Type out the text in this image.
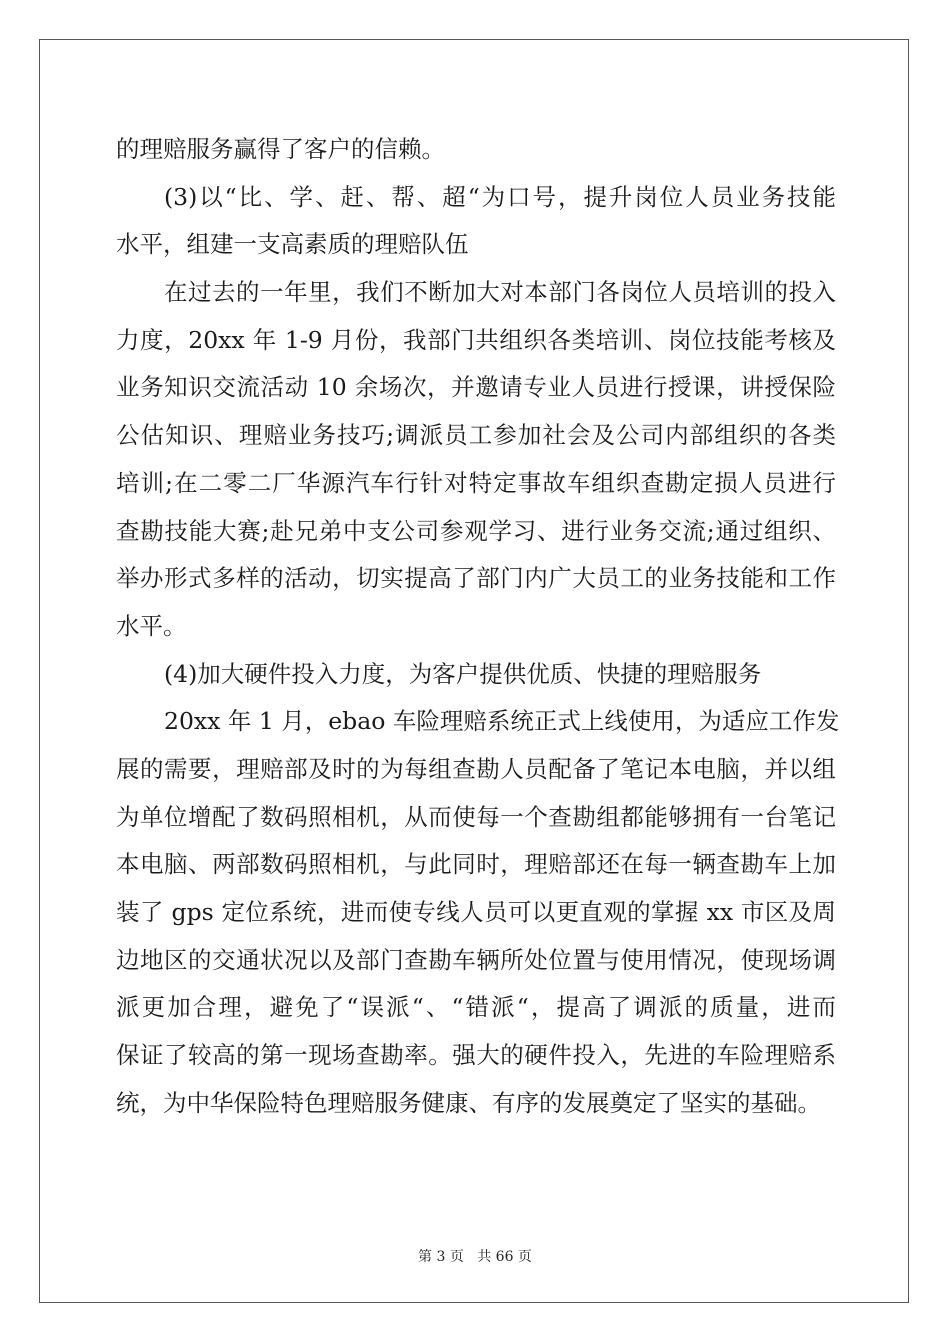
的理赔服务赢得了客户的信赖。
(3)以“比、学、赶、帮、超“为口号，提升岗位人员业务技能
水平，组建一支高素质的理赔队伍
在过去的一年里，我们不断加大对本部门各岗位人员培训的投入
力度，20xx 年 1-9 月份，我部门共组织各类培训、岗位技能考核及
业务知识交流活动 10 余场次，并邀请专业人员进行授课，讲授保险
公估知识、理赔业务技巧;调派员工参加社会及公司内部组织的各类
培训;在二零二厂华源汽车行针对特定事故车组织查勘定损人员进行
查勘技能大赛;赴兄弟中支公司参观学习、进行业务交流;通过组织、
举办形式多样的活动，切实提高了部门内广大员工的业务技能和工作
水平。
(4)加大硬件投入力度，为客户提供优质、快捷的理赔服务
20xx 年 1 月，ebao 车险理赔系统正式上线使用，为适应工作发
展的需要，理赔部及时的为每组查勘人员配备了笔记本电脑，并以组
为单位增配了数码照相机，从而使每一个查勘组都能够拥有一台笔记
本电脑、两部数码照相机，与此同时，理赔部还在每一辆查勘车上加
装了 gps 定位系统，进而使专线人员可以更直观的掌握 xx 市区及周
边地区的交通状况以及部门查勘车辆所处位置与使用情况，使现场调
派更加合理，避免了“误派“、“错派“，提高了调派的质量，进而
保证了较高的第一现场查勘率。强大的硬件投入，先进的车险理赔系
统，为中华保险特色理赔服务健康、有序的发展奠定了坚实的基础。
第 3 页 共 66 页
